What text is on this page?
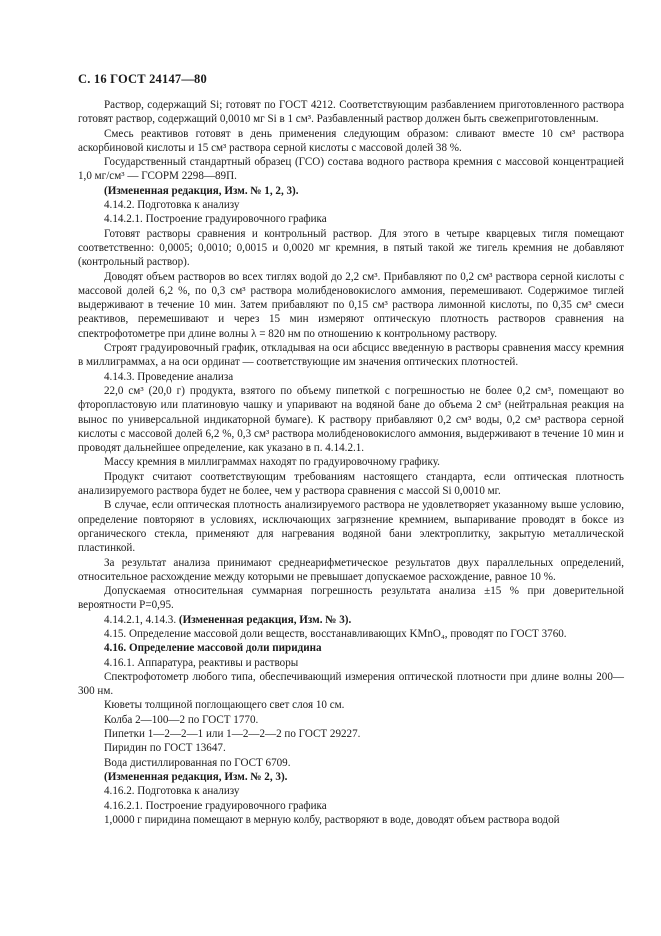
С. 16 ГОСТ 24147—80

Раствор, содержащий Si; готовят по ГОСТ 4212. Соответствующим разбавлением приготовленного раствора готовят раствор, содержащий 0,0010 мг Si в 1 см³. Разбавленный раствор должен быть свежеприготовленным.

Смесь реактивов готовят в день применения следующим образом: сливают вместе 10 см³ раствора аскорбиновой кислоты и 15 см³ раствора серной кислоты с массовой долей 38 %.

Государственный стандартный образец (ГСО) состава водного раствора кремния с массовой концентрацией 1,0 мг/см³ — ГСОРМ 2298—89П.

(Измененная редакция, Изм. № 1, 2, 3).

4.14.2. Подготовка к анализу

4.14.2.1. Построение градуировочного графика

Готовят растворы сравнения и контрольный раствор. Для этого в четыре кварцевых тигля помещают соответственно: 0,0005; 0,0010; 0,0015 и 0,0020 мг кремния, в пятый такой же тигель кремния не добавляют (контрольный раствор).

Доводят объем растворов во всех тиглях водой до 2,2 см³. Прибавляют по 0,2 см³ раствора серной кислоты с массовой долей 6,2 %, по 0,3 см³ раствора молибденовокислого аммония, перемешивают. Содержимое тиглей выдерживают в течение 10 мин. Затем прибавляют по 0,15 см³ раствора лимонной кислоты, по 0,35 см³ смеси реактивов, перемешивают и через 15 мин измеряют оптическую плотность растворов сравнения на спектрофотометре при длине волны λ = 820 нм по отношению к контрольному раствору.

Строят градуировочный график, откладывая на оси абсцисс введенную в растворы сравнения массу кремния в миллиграммах, а на оси ординат — соответствующие им значения оптических плотностей.

4.14.3. Проведение анализа

22,0 см³ (20,0 г) продукта, взятого по объему пипеткой с погрешностью не более 0,2 см³, помещают во фторопластовую или платиновую чашку и упаривают на водяной бане до объема 2 см³ (нейтральная реакция на вынос по универсальной индикаторной бумаге). К раствору прибавляют 0,2 см³ воды, 0,2 см³ раствора серной кислоты с массовой долей 6,2 %, 0,3 см³ раствора молибденовокислого аммония, выдерживают в течение 10 мин и проводят дальнейшее определение, как указано в п. 4.14.2.1.

Массу кремния в миллиграммах находят по градуировочному графику.

Продукт считают соответствующим требованиям настоящего стандарта, если оптическая плотность анализируемого раствора будет не более, чем у раствора сравнения с массой Si 0,0010 мг.

В случае, если оптическая плотность анализируемого раствора не удовлетворяет указанному выше условию, определение повторяют в условиях, исключающих загрязнение кремнием, выпаривание проводят в боксе из органического стекла, применяют для нагревания водяной бани электроплитку, закрытую металлической пластинкой.

За результат анализа принимают среднеарифметическое результатов двух параллельных определений, относительное расхождение между которыми не превышает допускаемое расхождение, равное 10 %.

Допускаемая относительная суммарная погрешность результата анализа ±15 % при доверительной вероятности P=0,95.

4.14.2.1, 4.14.3. (Измененная редакция, Изм. № 3).

4.15. Определение массовой доли веществ, восстанавливающих KMnO₄, проводят по ГОСТ 3760.

4.16. Определение массовой доли пиридина

4.16.1. Аппаратура, реактивы и растворы

Спектрофотометр любого типа, обеспечивающий измерения оптической плотности при длине волны 200—300 нм.

Кюветы толщиной поглощающего свет слоя 10 см.

Колба 2—100—2 по ГОСТ 1770.

Пипетки 1—2—2—1 или 1—2—2—2 по ГОСТ 29227.

Пиридин по ГОСТ 13647.

Вода дистиллированная по ГОСТ 6709.

(Измененная редакция, Изм. № 2, 3).

4.16.2. Подготовка к анализу

4.16.2.1. Построение градуировочного графика

1,0000 г пиридина помещают в мерную колбу, растворяют в воде, доводят объем раствора водой
